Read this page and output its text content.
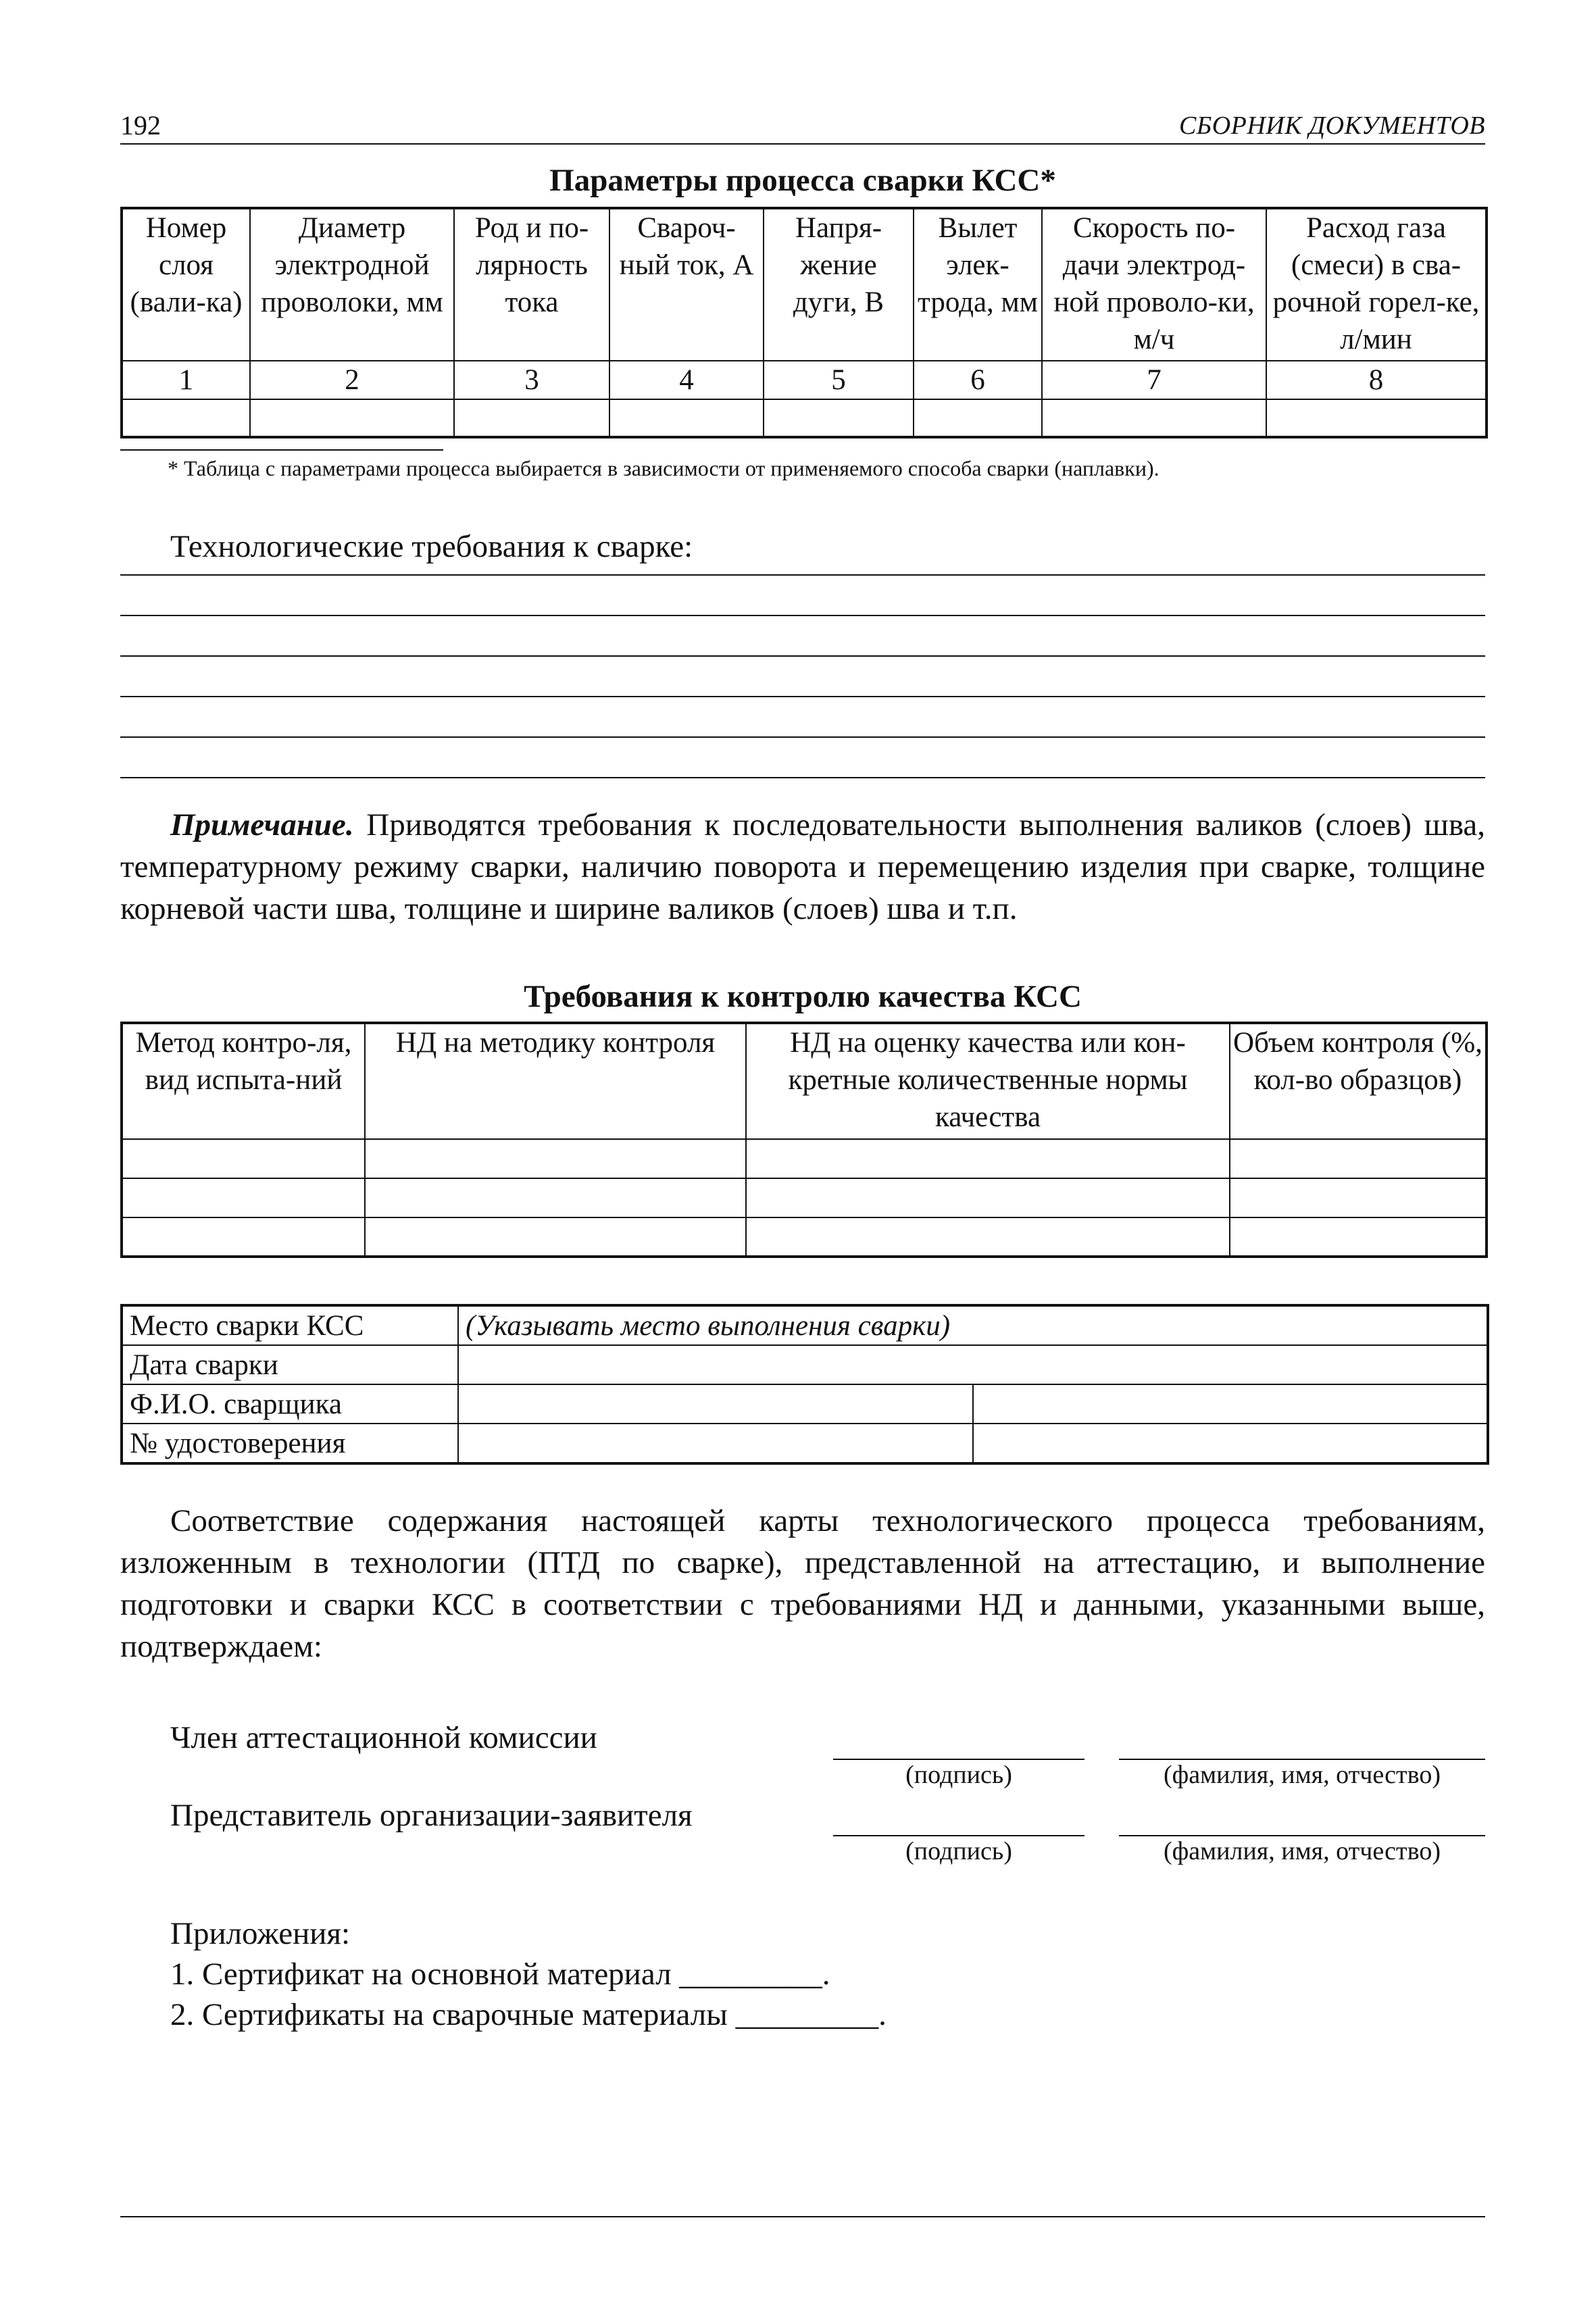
192	СБОРНИК ДОКУМЕНТОВ
Параметры процесса сварки КСС*
Номер слоя (вали-ка)	Диаметр электродной проволоки, мм	Род и по-лярность тока	Свароч-ный ток, А	Напря-жение дуги, В	Вылет элек-трода, мм	Скорость по-дачи электрод-ной проволо-ки, м/ч	Расход газа (смеси) в сва-рочной горел-ке, л/мин
1	2	3	4	5	6	7	8

* Таблица с параметрами процесса выбирается в зависимости от применяемого способа сварки (наплавки).
Технологические требования к сварке:
Примечание. Приводятся требования к последовательности выполнения валиков (слоев) шва, температурному режиму сварки, наличию поворота и перемещению изделия при сварке, толщине корневой части шва, толщине и ширине валиков (слоев) шва и т.п.
Требования к контролю качества КСС
Метод контро-ля, вид испыта-ний	НД на методику контроля	НД на оценку качества или кон-кретные количественные нормы качества	Объем контроля (%, кол-во образцов)

Место сварки КСС	(Указывать место выполнения сварки)	
Дата сварки		
Ф.И.О. сварщика		
№ удостоверения		
Соответствие содержания настоящей карты технологического процесса требованиям, изложенным в технологии (ПТД по сварке), представленной на аттестацию, и выполнение подготовки и сварки КСС в соответствии с требованиями НД и данными, указанными выше, подтверждаем:
Член аттестационной комиссии
(подпись)	(фамилия, имя, отчество)
Представитель организации-заявителя
(подпись)	(фамилия, имя, отчество)
Приложения:
1. Сертификат на основной материал _________.
2. Сертификаты на сварочные материалы _________.
